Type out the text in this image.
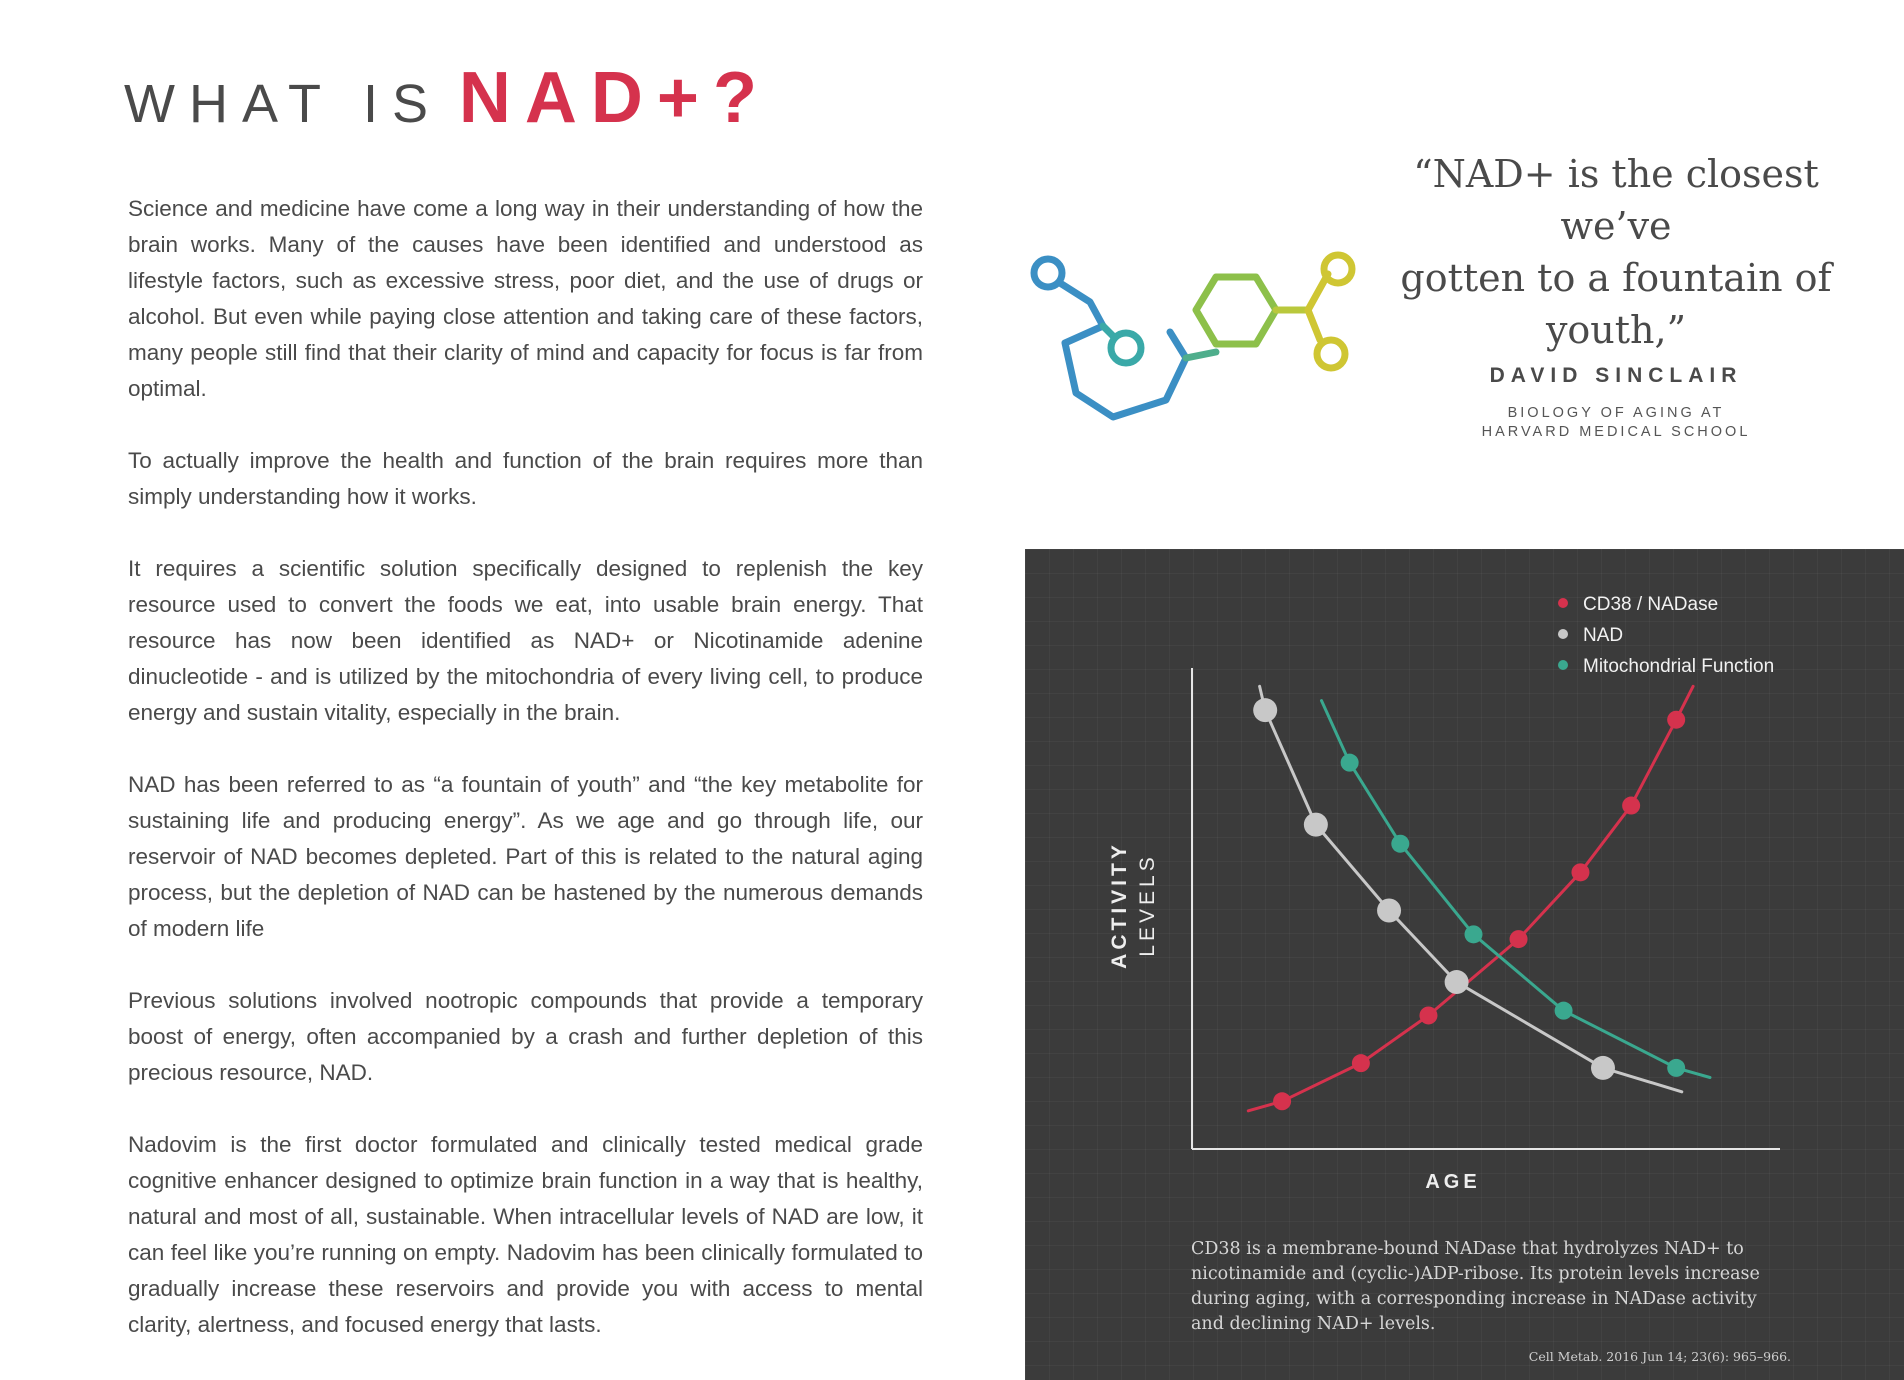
WHAT IS NAD+?

Science and medicine have come a long way in their understanding of how the brain works. Many of the causes have been identified and understood as lifestyle factors, such as excessive stress, poor diet, and the use of drugs or alcohol. But even while paying close attention and taking care of these factors, many people still find that their clarity of mind and capacity for focus is far from optimal.

To actually improve the health and function of the brain requires more than simply understanding how it works.

It requires a scientific solution specifically designed to replenish the key resource used to convert the foods we eat, into usable brain energy. That resource has now been identified as NAD+ or Nicotinamide adenine dinucleotide - and is utilized by the mitochondria of every living cell, to produce energy and sustain vitality, especially in the brain.

NAD has been referred to as “a fountain of youth” and “the key metabolite for sustaining life and producing energy”. As we age and go through life, our reservoir of NAD becomes depleted. Part of this is related to the natural aging process, but the depletion of NAD can be hastened by the numerous demands of modern life

Previous solutions involved nootropic compounds that provide a temporary boost of energy, often accompanied by a crash and further depletion of this precious resource, NAD.

Nadovim is the first doctor formulated and clinically tested medical grade cognitive enhancer designed to optimize brain function in a way that is healthy, natural and most of all, sustainable. When intracellular levels of NAD are low, it can feel like you’re running on empty. Nadovim has been clinically formulated to gradually increase these reservoirs and provide you with access to mental clarity, alertness, and focused energy that lasts.

“NAD+ is the closest we’ve
gotten to a fountain of
youth,”
DAVID SINCLAIR
BIOLOGY OF AGING AT
HARVARD MEDICAL SCHOOL
CD38 / NADase
NAD
Mitochondrial Function
AGE
ACTIVITY LEVELS
CD38 is a membrane-bound NADase that hydrolyzes NAD+ to nicotinamide and (cyclic-)ADP-ribose. Its protein levels increase during aging, with a corresponding increase in NADase activity and declining NAD+ levels.
Cell Metab. 2016 Jun 14; 23(6): 965–966.
